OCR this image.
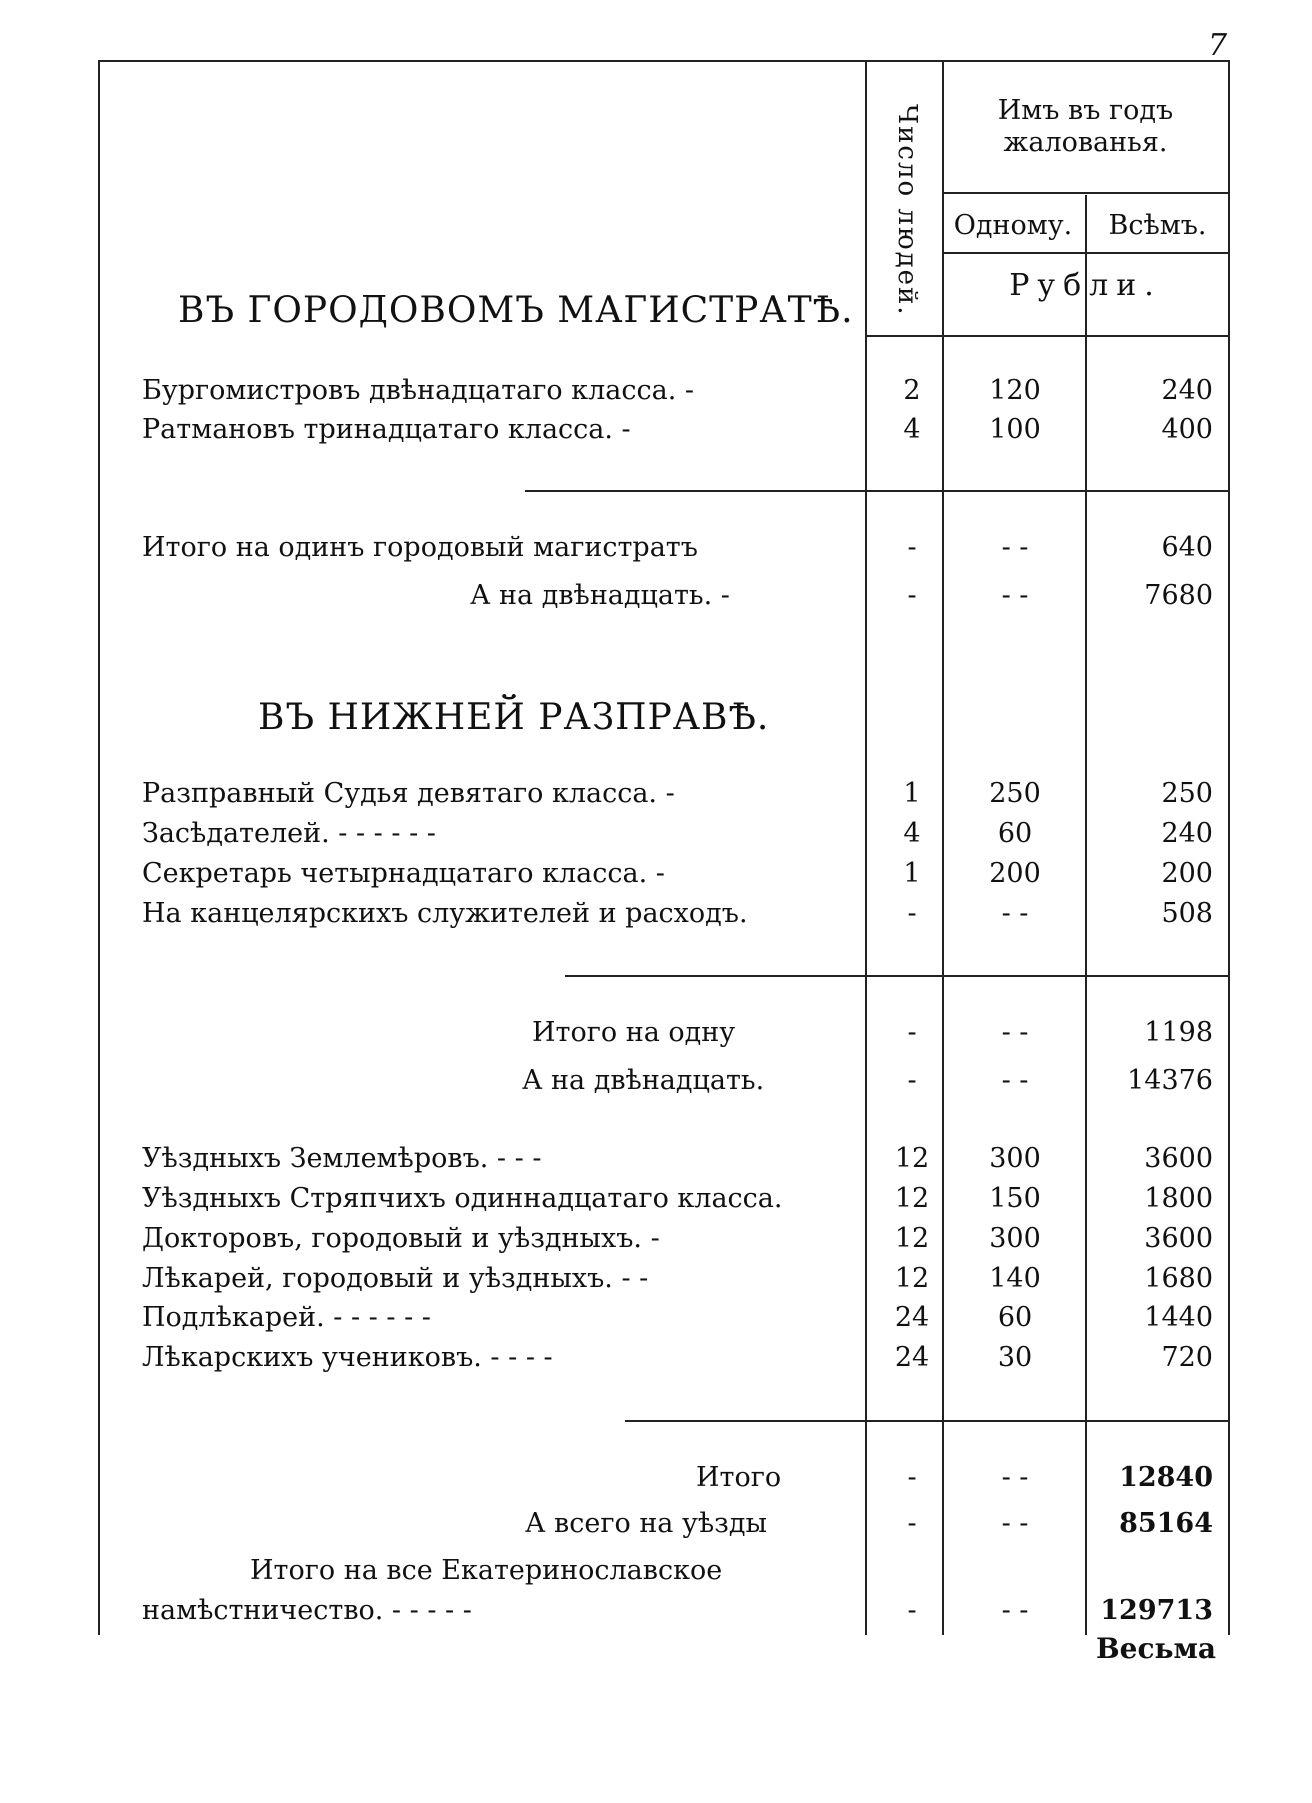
7
Число людей.	Имъ въ годъ жалованья.
Одному.	Всѣмъ.
Рубли.
ВЪ ГОРОДОВОМЪ МАГИСТРАТѢ.
Бургомистровъ двѣнадцатаго класса. -	2	120	240
Ратмановъ тринадцатаго класса. -	4	100	400
Итого на одинъ городовый магистратъ	-	- -	640
А на двѣнадцать. -	-	- -	7680
ВЪ НИЖНЕЙ РАЗПРАВѢ.
Разправный Судья девятаго класса. -	1	250	250
Засѣдателей. - - - - - -	4	60	240
Секретарь четырнадцатаго класса. -	1	200	200
На канцелярскихъ служителей и расходъ.	-	- -	508
Итого на одну	-	- -	1198
А на двѣнадцать.	-	- -	14376
Уѣздныхъ Землемѣровъ. - - -	12	300	3600
Уѣздныхъ Стряпчихъ одиннадцатаго класса.	12	150	1800
Докторовъ, городовый и уѣздныхъ. -	12	300	3600
Лѣкарей, городовый и уѣздныхъ. - -	12	140	1680
Подлѣкарей. - - - - - -	24	60	1440
Лѣкарскихъ учениковъ. - - - -	24	30	720
Итого	-	- -	12840
А всего на уѣзды	-	- -	85164
Итого на все Екатеринославское
намѣстничество. - - - - -	-	- -	129713
Весьма
